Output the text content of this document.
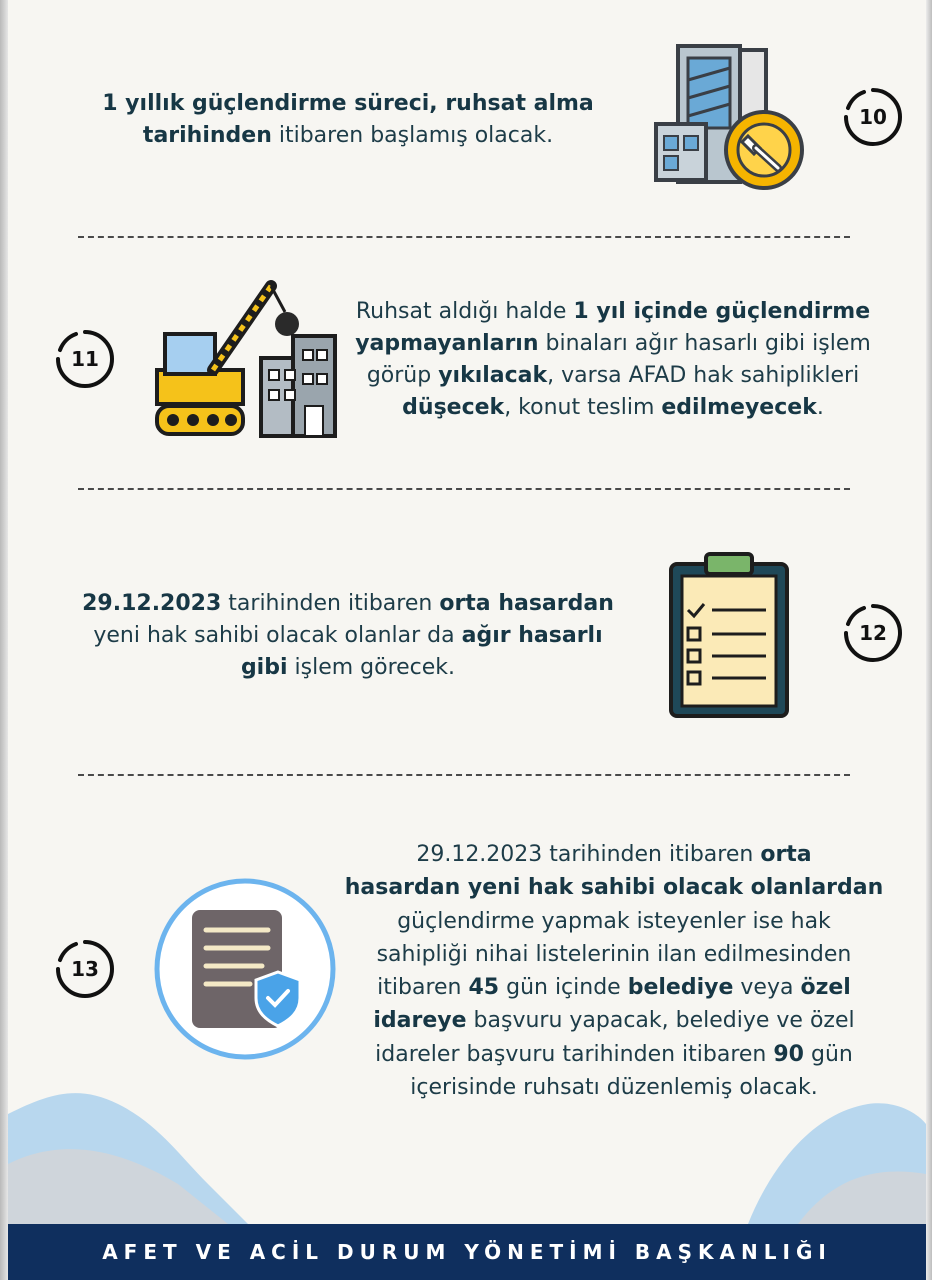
1 yıllık güçlendirme süreci, ruhsat alma
tarihinden itibaren başlamış olacak.
10
11
Ruhsat aldığı halde 1 yıl içinde güçlendirme
yapmayanların binaları ağır hasarlı gibi işlem
görüp yıkılacak, varsa AFAD hak sahiplikleri
düşecek, konut teslim edilmeyecek.
29.12.2023 tarihinden itibaren orta hasardan
yeni hak sahibi olacak olanlar da ağır hasarlı
gibi işlem görecek.
12
13
29.12.2023 tarihinden itibaren orta
hasardan yeni hak sahibi olacak olanlardan
güçlendirme yapmak isteyenler ise hak
sahipliği nihai listelerinin ilan edilmesinden
itibaren 45 gün içinde belediye veya özel
idareye başvuru yapacak, belediye ve özel
idareler başvuru tarihinden itibaren 90 gün
içerisinde ruhsatı düzenlemiş olacak.
AFET VE ACİL DURUM YÖNETİMİ BAŞKANLIĞI
